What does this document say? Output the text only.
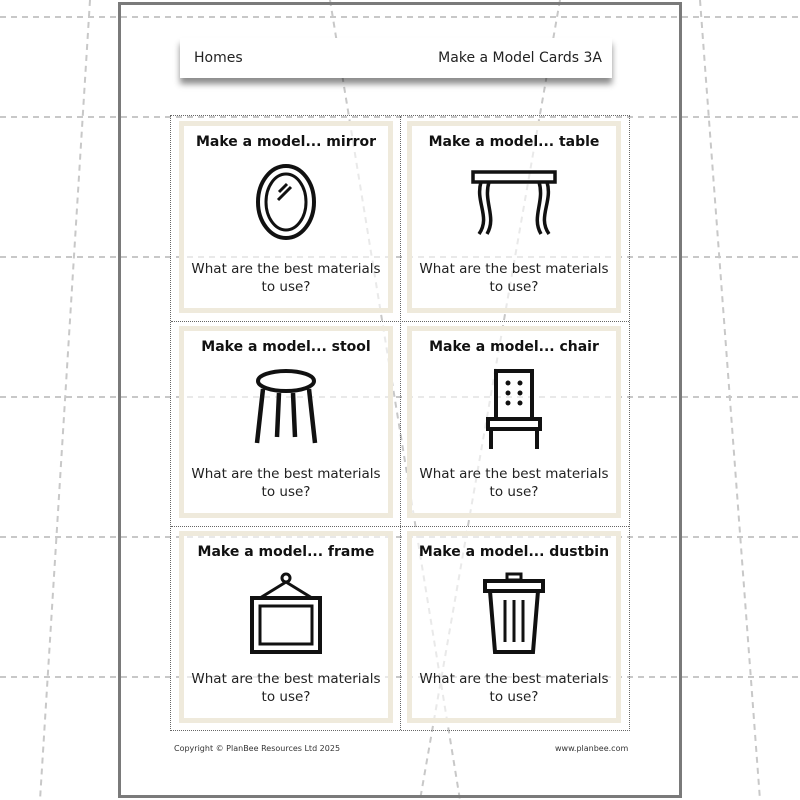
Homes	Make a Model Cards 3A
Make a model... mirror

What are the best materials to use?

Make a model... table

What are the best materials to use?

Make a model... stool

What are the best materials to use?

Make a model... chair

What are the best materials to use?

Make a model... frame

What are the best materials to use?

Make a model... dustbin

What are the best materials to use?

Copyright © PlanBee Resources Ltd 2025	www.planbee.com
